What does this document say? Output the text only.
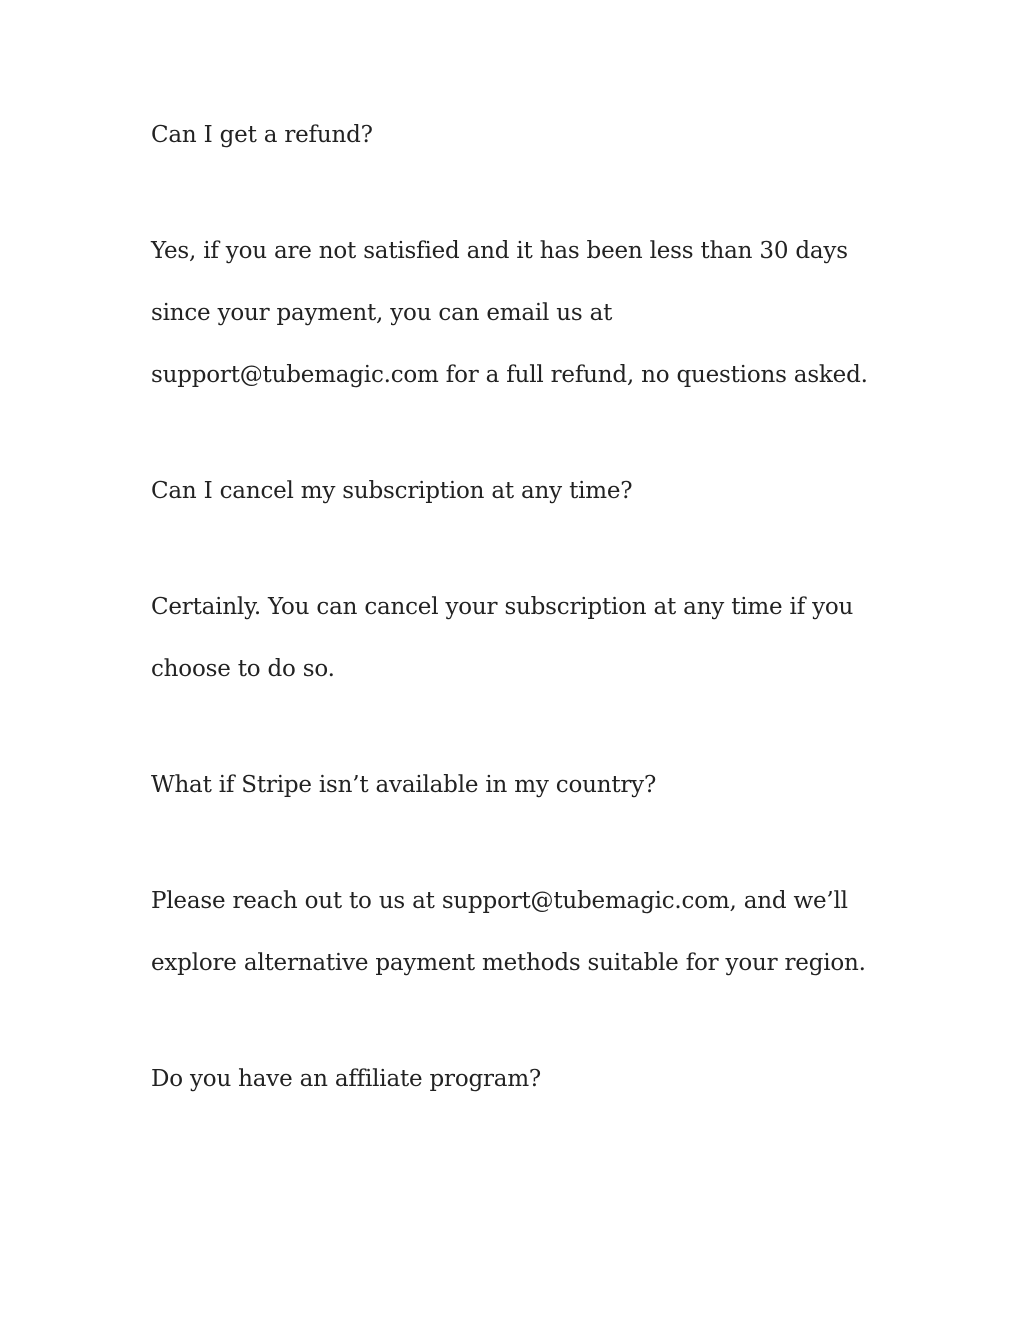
Can I get a refund?

Yes, if you are not satisfied and it has been less than 30 days

since your payment, you can email us at

support@tubemagic.com for a full refund, no questions asked.

Can I cancel my subscription at any time?

Certainly. You can cancel your subscription at any time if you

choose to do so.

What if Stripe isn’t available in my country?

Please reach out to us at support@tubemagic.com, and we’ll

explore alternative payment methods suitable for your region.

Do you have an affiliate program?
